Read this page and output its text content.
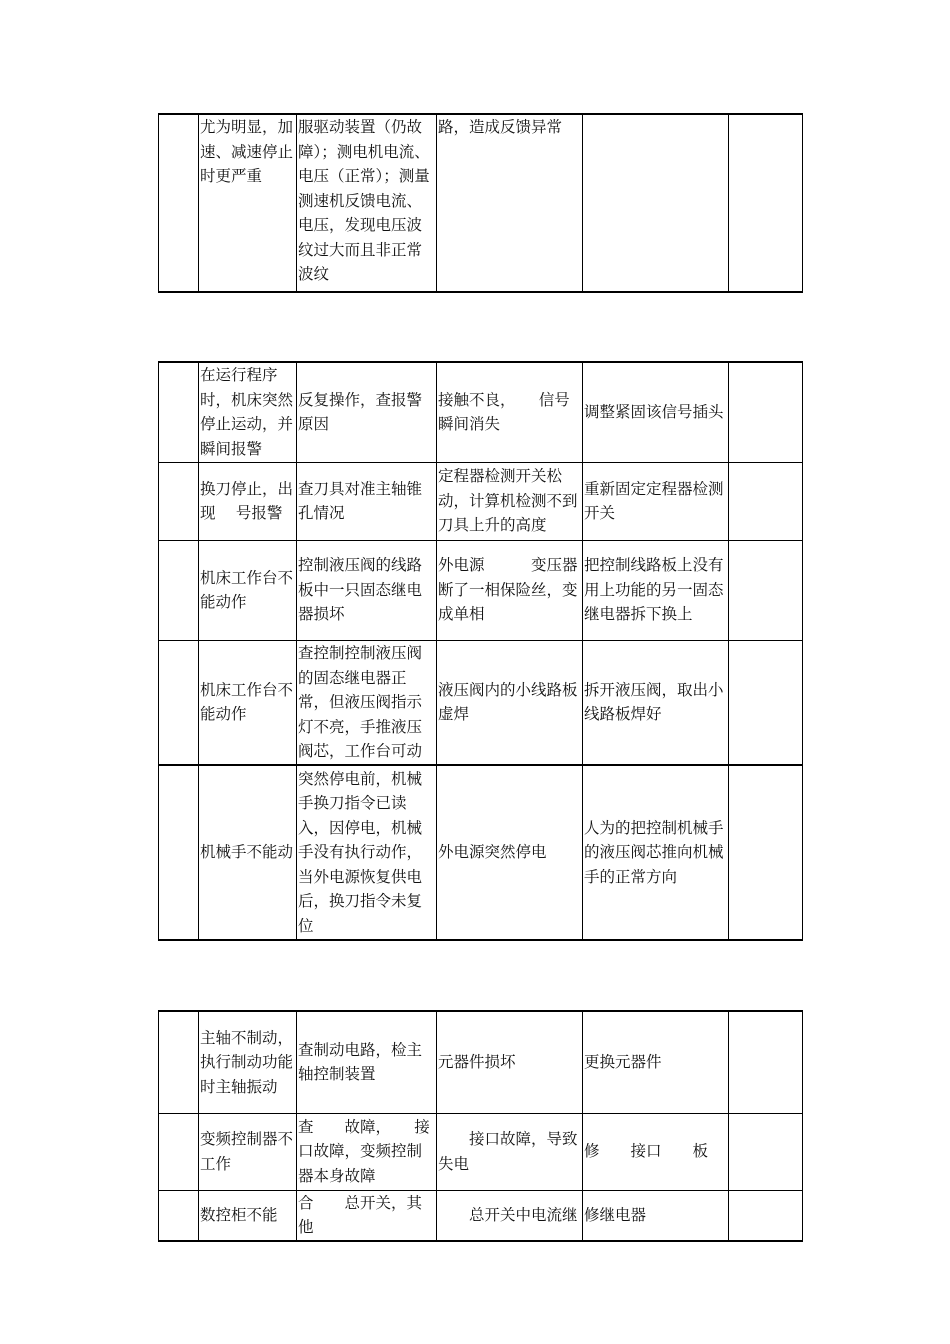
	尤为明显，加速、减速停止时更严重	服驱动装置（仍故障）；测电机电流、电压（正常）；测量测速机反馈电流、电压，发现电压波纹过大而且非正常波纹	路，造成反馈异常		
	在运行程序时，机床突然停止运动，并瞬间报警	反复操作，查报警原因	接触不良，　　信号瞬间消失	调整紧固该信号插头	
	换刀停止，出现　 号报警	查刀具对准主轴锥孔情况	定程器检测开关松动，计算机检测不到刀具上升的高度	重新固定定程器检测开关	
	机床工作台不能动作	控制液压阀的线路板中一只固态继电器损坏	外电源　　　变压器断了一相保险丝，变成单相	把控制线路板上没有用上功能的另一固态继电器拆下换上	
	机床工作台不能动作	查控制控制液压阀的固态继电器正常，但液压阀指示灯不亮，手推液压阀芯，工作台可动	液压阀内的小线路板虚焊	拆开液压阀，取出小线路板焊好	
	机械手不能动	突然停电前，机械手换刀指令已读入，因停电，机械手没有执行动作，当外电源恢复供电后，换刀指令未复位	外电源突然停电	人为的把控制机械手的液压阀芯推向机械手的正常方向	
	主轴不制动，执行制动功能时主轴振动	查制动电路，检主轴控制装置	元器件损坏	更换元器件	
	变频控制器不工作	查　　故障，　　接口故障，变频控制器本身故障	　　接口故障，导致失电	修　　接口　　板	
	数控柜不能	合　　总开关，其他	　　总开关中电流继	修继电器	
